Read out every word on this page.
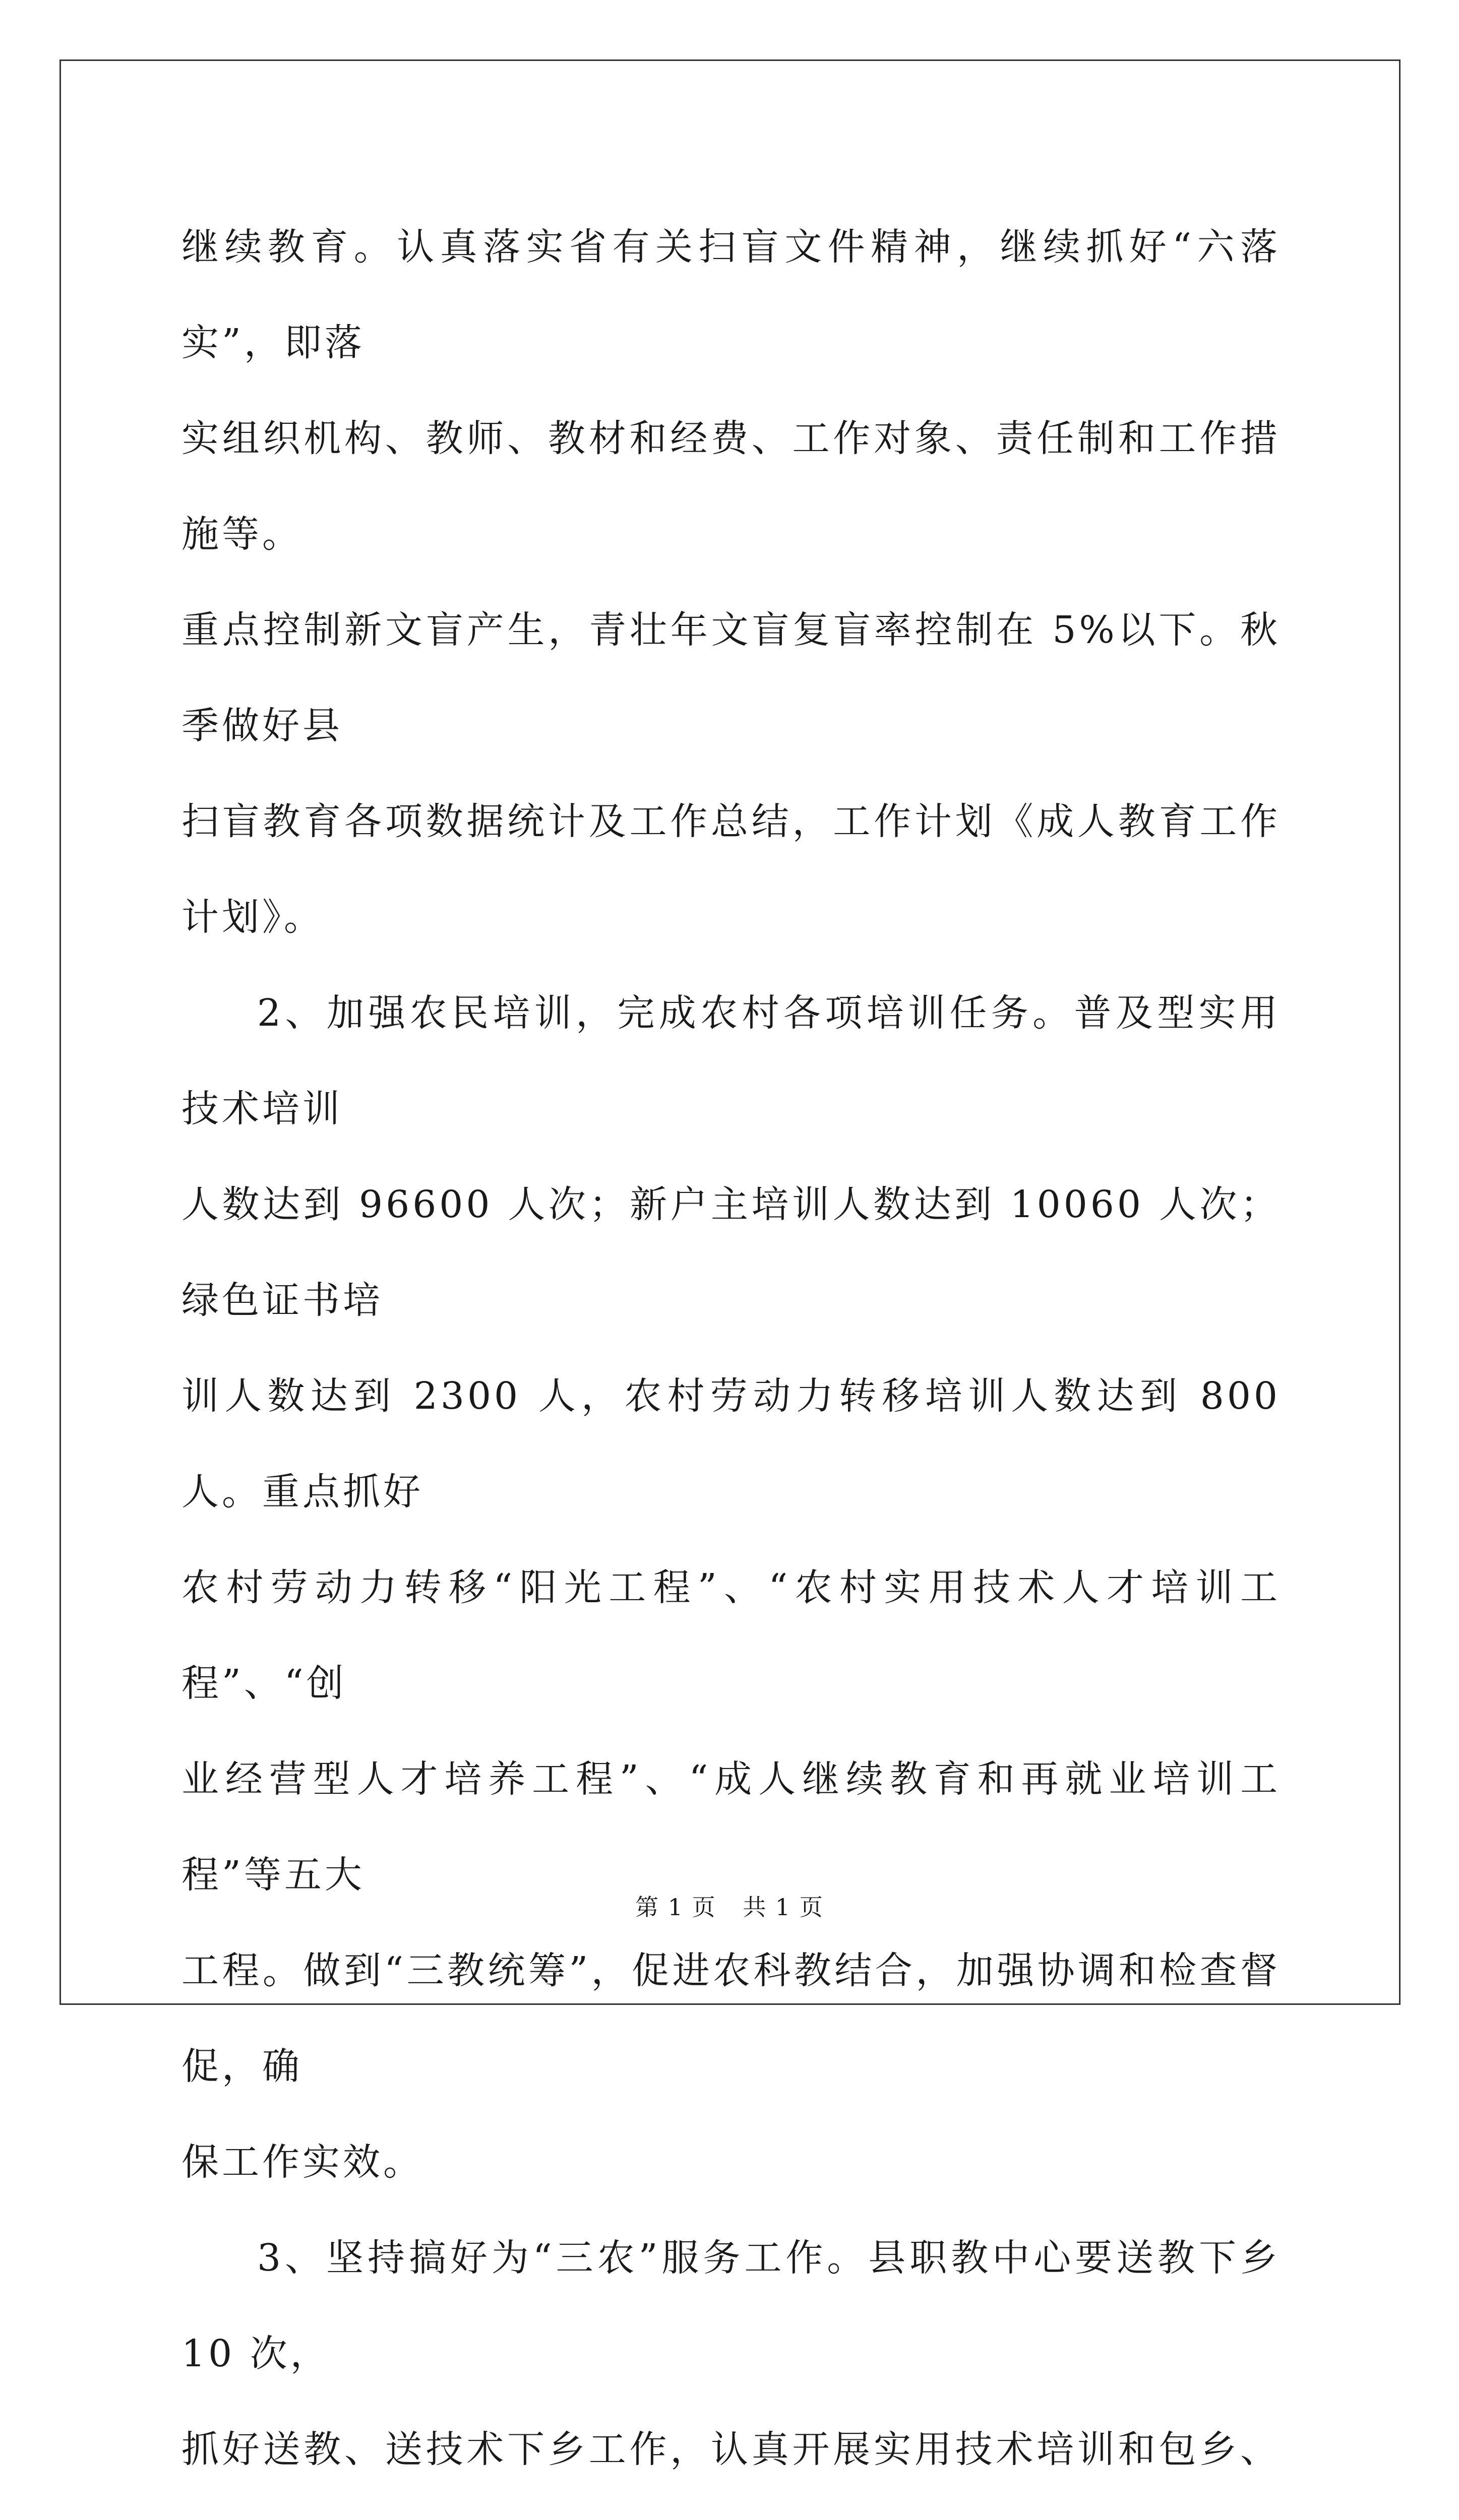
继续教育。认真落实省有关扫盲文件精神，继续抓好“六落实”，即落
实组织机构、教师、教材和经费、工作对象、责任制和工作措施等。
重点控制新文盲产生，青壮年文盲复盲率控制在 5%以下。秋季做好县
扫盲教育各项数据统计及工作总结，工作计划《成人教育工作计划》。

2、加强农民培训，完成农村各项培训任务。普及型实用技术培训
人数达到 96600 人次；新户主培训人数达到 10060 人次；绿色证书培
训人数达到 2300 人，农村劳动力转移培训人数达到 800 人。重点抓好
农村劳动力转移“阳光工程”、“农村实用技术人才培训工程”、“创
业经营型人才培养工程”、“成人继续教育和再就业培训工程”等五大
工程。做到“三教统筹”，促进农科教结合，加强协调和检查督促，确
保工作实效。

3、坚持搞好为“三农”服务工作。县职教中心要送教下乡 10 次，
抓好送教、送技术下乡工作，认真开展实用技术培训和包乡、

第 1 页 共 1 页
